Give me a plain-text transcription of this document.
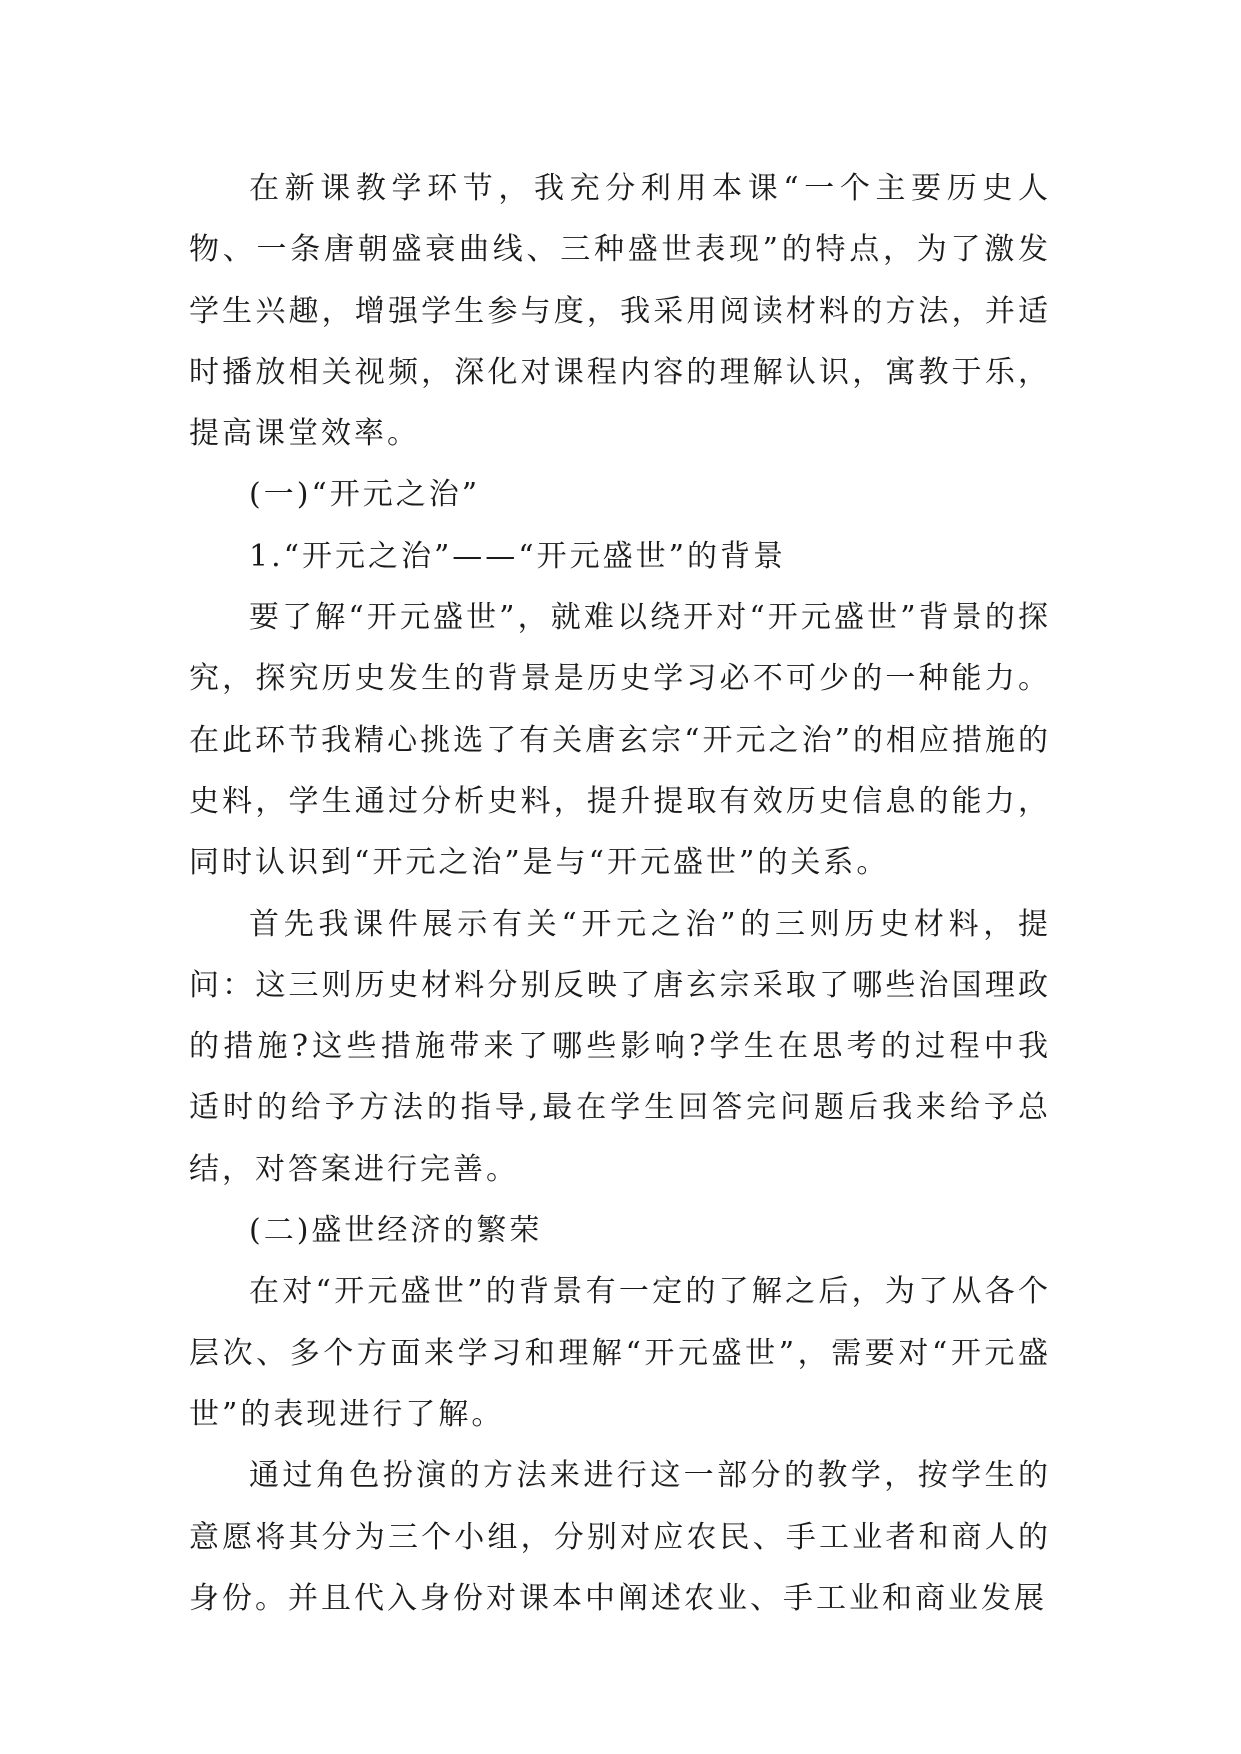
在新课教学环节，我充分利用本课“一个主要历史人物、一条唐朝盛衰曲线、三种盛世表现”的特点，为了激发学生兴趣，增强学生参与度，我采用阅读材料的方法，并适时播放相关视频，深化对课程内容的理解认识，寓教于乐，提高课堂效率。

(一)“开元之治”

1.“开元之治”——“开元盛世”的背景

要了解“开元盛世”，就难以绕开对“开元盛世”背景的探究，探究历史发生的背景是历史学习必不可少的一种能力。在此环节我精心挑选了有关唐玄宗“开元之治”的相应措施的史料，学生通过分析史料，提升提取有效历史信息的能力，同时认识到“开元之治”是与“开元盛世”的关系。

首先我课件展示有关“开元之治”的三则历史材料，提问：这三则历史材料分别反映了唐玄宗采取了哪些治国理政的措施?这些措施带来了哪些影响?学生在思考的过程中我适时的给予方法的指导,最在学生回答完问题后我来给予总结，对答案进行完善。

(二)盛世经济的繁荣

在对“开元盛世”的背景有一定的了解之后，为了从各个层次、多个方面来学习和理解“开元盛世”，需要对“开元盛世”的表现进行了解。

通过角色扮演的方法来进行这一部分的教学，按学生的意愿将其分为三个小组，分别对应农民、手工业者和商人的身份。并且代入身份对课本中阐述农业、手工业和商业发展
